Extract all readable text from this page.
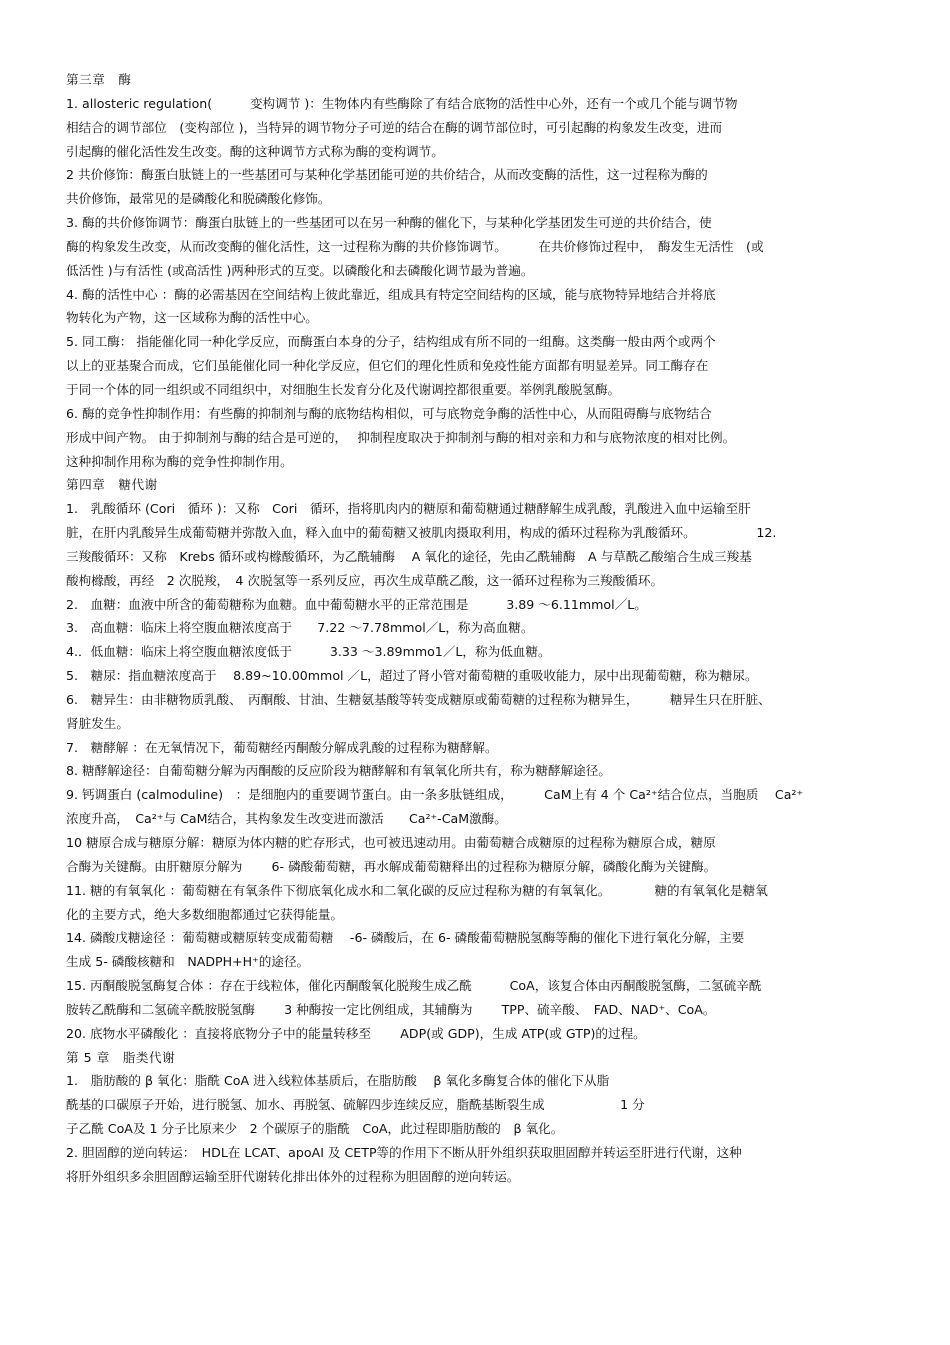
第三章　酶
1. allosteric regulation(　　　变构调节 )：生物体内有些酶除了有结合底物的活性中心外，还有一个或几个能与调节物
相结合的调节部位　(变构部位 )，当特异的调节物分子可逆的结合在酶的调节部位时，可引起酶的构象发生改变，进而
引起酶的催化活性发生改变。酶的这种调节方式称为酶的变构调节。
2 共价修饰：酶蛋白肽链上的一些基团可与某种化学基团能可逆的共价结合，从而改变酶的活性，这一过程称为酶的
共价修饰，最常见的是磷酸化和脱磷酸化修饰。
3. 酶的共价修饰调节：酶蛋白肽链上的一些基团可以在另一种酶的催化下，与某种化学基团发生可逆的共价结合，使
酶的构象发生改变，从而改变酶的催化活性，这一过程称为酶的共价修饰调节。　　　在共价修饰过程中，　酶发生无活性　(或
低活性 )与有活性 (或高活性 )两种形式的互变。以磷酸化和去磷酸化调节最为普遍。
4. 酶的活性中心 ：酶的必需基因在空间结构上彼此靠近，组成具有特定空间结构的区域，能与底物特异地结合并将底
物转化为产物，这一区域称为酶的活性中心。
5. 同工酶： 指能催化同一种化学反应，而酶蛋白本身的分子，结构组成有所不同的一组酶。这类酶一般由两个或两个
以上的亚基聚合而成，它们虽能催化同一种化学反应，但它们的理化性质和免疫性能方面都有明显差异。同工酶存在
于同一个体的同一组织或不同组织中，对细胞生长发育分化及代谢调控都很重要。举例乳酸脱氢酶。
6. 酶的竞争性抑制作用：有些酶的抑制剂与酶的底物结构相似，可与底物竞争酶的活性中心，从而阻碍酶与底物结合
形成中间产物。 由于抑制剂与酶的结合是可逆的，　 抑制程度取决于抑制剂与酶的相对亲和力和与底物浓度的相对比例。
这种抑制作用称为酶的竞争性抑制作用。
第四章　糖代谢
1.　乳酸循环 (Cori　循环 )：又称　Cori　循环，指将肌肉内的糖原和葡萄糖通过糖酵解生成乳酸，乳酸进入血中运输至肝
脏，在肝内乳酸异生成葡萄糖并弥散入血，释入血中的葡萄糖又被肌肉摄取利用，构成的循环过程称为乳酸循环。　　　　　 12.
三羧酸循环：又称　Krebs 循环或构橼酸循环，为乙酰辅酶　 A 氧化的途径，先由乙酰辅酶　A 与草酰乙酸缩合生成三羧基
酸枸橼酸，再经　2 次脱羧，　4 次脱氢等一系列反应，再次生成草酰乙酸，这一循环过程称为三羧酸循环。
2.　血糖：血液中所含的葡萄糖称为血糖。血中葡萄糖水平的正常范围是　　　3.89 ～6.11mmol／L。
3.　高血糖：临床上将空腹血糖浓度高于　　7.22 ～7.78mmol／L，称为高血糖。
4.．低血糖：临床上将空腹血糖浓度低于　　　3.33 ～3.89mmo1／L，称为低血糖。
5.　糖尿：指血糖浓度高于　 8.89~10.00mmol ／L，超过了肾小管对葡萄糖的重吸收能力，尿中出现葡萄糖，称为糖尿。
6.　糖异生：由非糖物质乳酸、　丙酮酸、甘油、生糖氨基酸等转变成糖原或葡萄糖的过程称为糖异生，　　　糖异生只在肝脏、
肾脏发生。
7.　糖酵解 ：在无氧情况下，葡萄糖经丙酮酸分解成乳酸的过程称为糖酵解。
8. 糖酵解途径：自葡萄糖分解为丙酮酸的反应阶段为糖酵解和有氧氧化所共有，称为糖酵解途径。
9. 钙调蛋白 (calmoduline)　：是细胞内的重要调节蛋白。由一条多肽链组成，　　　CaM上有 4 个 Ca²⁺结合位点，当胞质　 Ca²⁺
浓度升高，　Ca²⁺与 CaM结合，其构象发生改变进而激活　　Ca²⁺-CaM激酶。
10 糖原合成与糖原分解：糖原为体内糖的贮存形式，也可被迅速动用。由葡萄糖合成糖原的过程称为糖原合成，糖原
合酶为关键酶。由肝糖原分解为　　 6- 磷酸葡萄糖，再水解成葡萄糖释出的过程称为糖原分解，磷酸化酶为关键酶。
11. 糖的有氧氧化 ：葡萄糖在有氧条件下彻底氧化成水和二氧化碳的反应过程称为糖的有氧氧化。　　　　糖的有氧氧化是糖氧
化的主要方式，绝大多数细胞都通过它获得能量。
14. 磷酸戊糖途径 ：葡萄糖或糖原转变成葡萄糖　 -6- 磷酸后，在 6- 磷酸葡萄糖脱氢酶等酶的催化下进行氧化分解，主要
生成 5- 磷酸核糖和　NADPH+H⁺的途径。
15. 丙酮酸脱氢酶复合体 ：存在于线粒体，催化丙酮酸氧化脱羧生成乙酰　　　CoA，该复合体由丙酮酸脱氢酶，二氢硫辛酰
胺转乙酰酶和二氢硫辛酰胺脱氢酶　　 3 种酶按一定比例组成，其辅酶为　　 TPP、硫辛酸、　FAD、NAD⁺、CoA。
20. 底物水平磷酸化 ：直接将底物分子中的能量转移至　　 ADP(或 GDP)，生成 ATP(或 GTP)的过程。
第 5 章　脂类代谢
1.　脂肪酸的 β 氧化：脂酰 CoA 进入线粒体基质后，在脂肪酸　 β 氧化多酶复合体的催化下从脂
酰基的口碳原子开始，进行脱氢、加水、再脱氢、硫解四步连续反应，脂酰基断裂生成　　　　　　1 分
子乙酰 CoA及 1 分子比原来少　2 个碳原子的脂酰　CoA，此过程即脂肪酸的　β 氧化。
2. 胆固醇的逆向转运：　HDL在 LCAT、apoAI 及 CETP等的作用下不断从肝外组织获取胆固醇并转运至肝进行代谢，这种
将肝外组织多余胆固醇运输至肝代谢转化排出体外的过程称为胆固醇的逆向转运。
